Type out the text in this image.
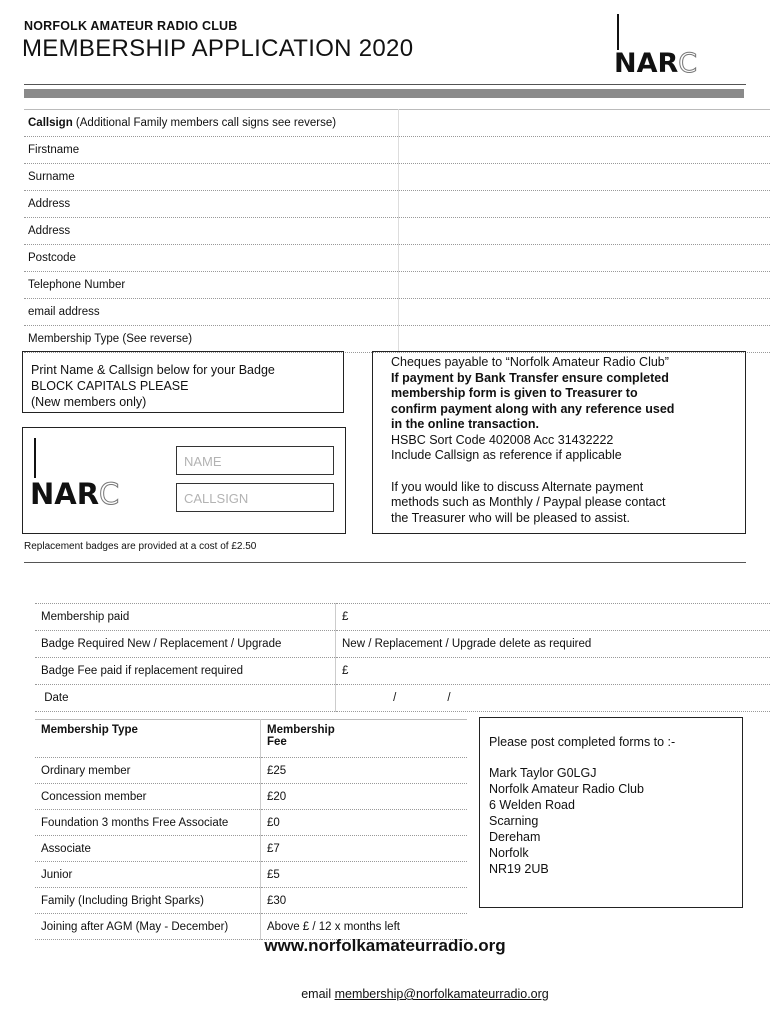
NORFOLK AMATEUR RADIO CLUB
MEMBERSHIP APPLICATION 2020	NARC
Callsign (Additional Family members call signs see reverse)	
Firstname	
Surname	
Address	
Address	
Postcode	
Telephone Number	
email address	
Membership Type (See reverse)	
Print Name & Callsign below for your Badge
BLOCK CAPITALS PLEASE
(New members only)
NARC
NAME
CALLSIGN
Cheques payable to “Norfolk Amateur Radio Club”
If payment by Bank Transfer ensure completed
membership form is given to Treasurer to
confirm payment along with any reference used
in the online transaction.
HSBC Sort Code 402008 Acc 31432222
Include Callsign as reference if applicable
If you would like to discuss Alternate payment
methods such as Monthly / Paypal please contact
the Treasurer who will be pleased to assist.
Replacement badges are provided at a cost of £2.50
Membership paid	£
Badge Required New / Replacement / Upgrade	New / Replacement / Upgrade delete as required
Badge Fee paid if replacement required	£
Date	/                /
Membership Type	Membership
Fee
Ordinary member	£25
Concession member	£20
Foundation 3 months Free Associate	£0
Associate	£7
Junior	£5
Family (Including Bright Sparks)	£30
Joining after AGM (May - December)	Above £ / 12 x months left
Please post completed forms to :-
Mark Taylor G0LGJ
Norfolk Amateur Radio Club
6 Welden Road
Scarning
Dereham
Norfolk
NR19 2UB
www.norfolkamateurradio.org
email membership@norfolkamateurradio.org
